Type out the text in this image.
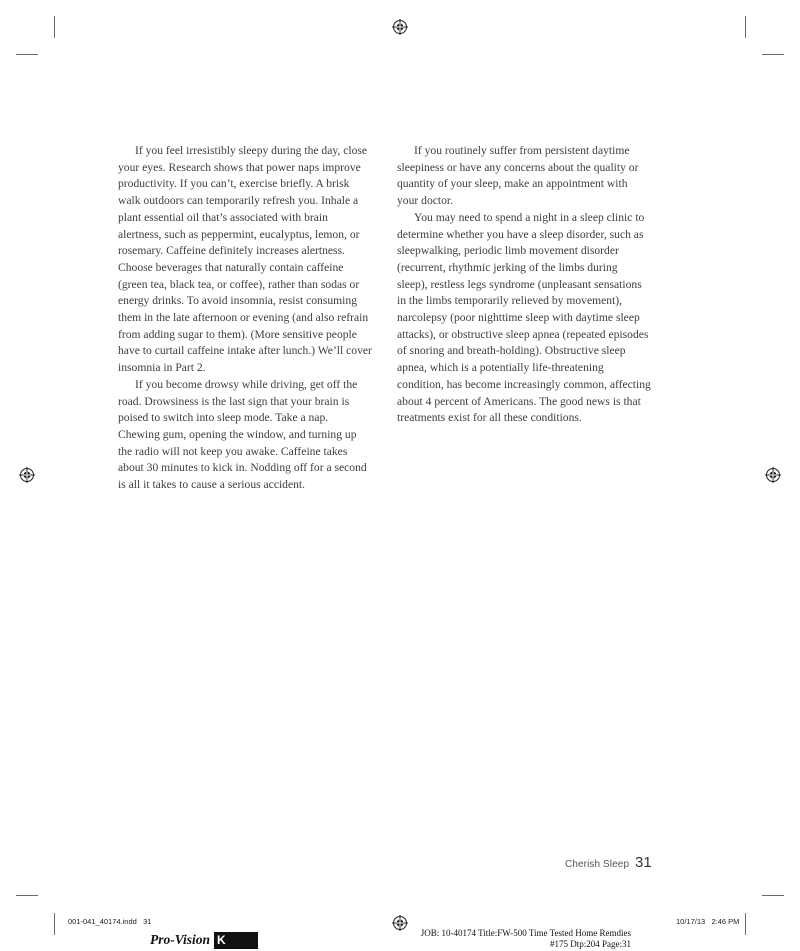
If you feel irresistibly sleepy during the day, close your eyes. Research shows that power naps improve productivity. If you can’t, exercise briefly. A brisk walk outdoors can temporarily refresh you. Inhale a plant essential oil that’s associated with brain alertness, such as peppermint, eucalyptus, lemon, or rosemary. Caffeine definitely increases alertness. Choose beverages that naturally contain caffeine (green tea, black tea, or coffee), rather than sodas or energy drinks. To avoid insomnia, resist consuming them in the late afternoon or evening (and also refrain from adding sugar to them). (More sensitive people have to curtail caffeine intake after lunch.) We’ll cover insomnia in Part 2.

If you become drowsy while driving, get off the road. Drowsiness is the last sign that your brain is poised to switch into sleep mode. Take a nap. Chewing gum, opening the window, and turning up the radio will not keep you awake. Caffeine takes about 30 minutes to kick in. Nodding off for a second is all it takes to cause a serious accident.

If you routinely suffer from persistent daytime sleepiness or have any concerns about the quality or quantity of your sleep, make an appointment with your doctor.

You may need to spend a night in a sleep clinic to determine whether you have a sleep disorder, such as sleepwalking, periodic limb movement disorder (recurrent, rhythmic jerking of the limbs during sleep), restless legs syndrome (unpleasant sensations in the limbs temporarily relieved by movement), narcolepsy (poor nighttime sleep with daytime sleep attacks), or obstructive sleep apnea (repeated episodes of snoring and breath-holding). Obstructive sleep apnea, which is a potentially life-threatening condition, has become increasingly common, affecting about 4 percent of Americans. The good news is that treatments exist for all these conditions.

Cherish Sleep 31
001-041_40174.indd   31	10/17/13   2:46 PM
JOB: 10-40174 Title:FW-500 Time Tested Home Remdies
#175 Dtp:204 Page:31
Pro-Vision K
